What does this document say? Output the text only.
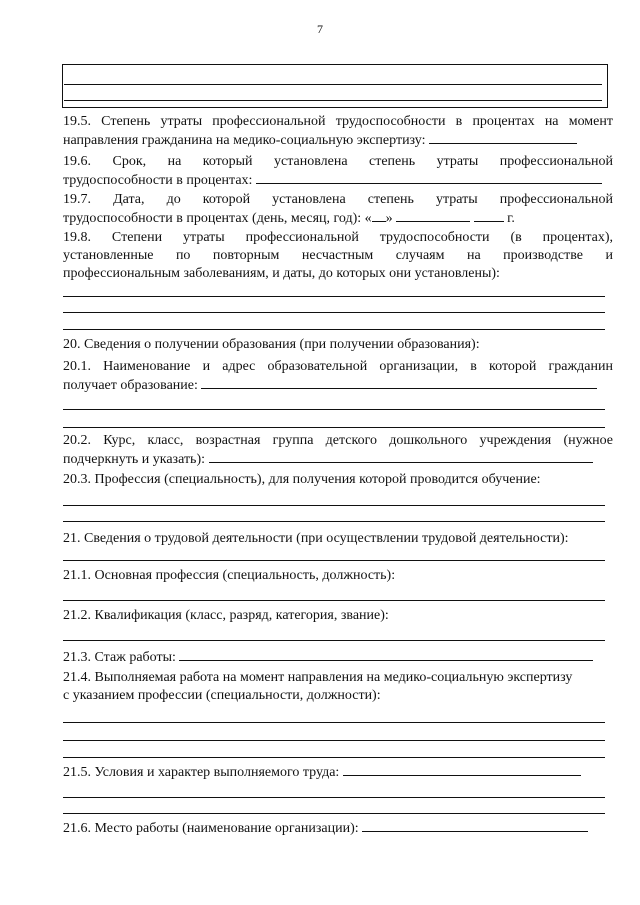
7
19.5. Степень утраты профессиональной трудоспособности в процентах на момент
направления гражданина на медико-социальную экспертизу:
19.6. Срок, на который установлена степень утраты профессиональной
трудоспособности в процентах:
19.7. Дата, до которой установлена степень утраты профессиональной
трудоспособности в процентах (день, месяц, год): « »	г.
19.8. Степени утраты профессиональной трудоспособности (в процентах),
установленные по повторным несчастным случаям на производстве и
профессиональным заболеваниям, и даты, до которых они установлены):
20. Сведения о получении образования (при получении образования):
20.1. Наименование и адрес образовательной организации, в которой гражданин
получает образование:
20.2. Курс, класс, возрастная группа детского дошкольного учреждения (нужное
подчеркнуть и указать):
20.3. Профессия (специальность), для получения которой проводится обучение:
21. Сведения о трудовой деятельности (при осуществлении трудовой деятельности):
21.1. Основная профессия (специальность, должность):
21.2. Квалификация (класс, разряд, категория, звание):
21.3. Стаж работы:
21.4. Выполняемая работа на момент направления на медико-социальную экспертизу
с указанием профессии (специальности, должности):
21.5. Условия и характер выполняемого труда:
21.6. Место работы (наименование организации):
